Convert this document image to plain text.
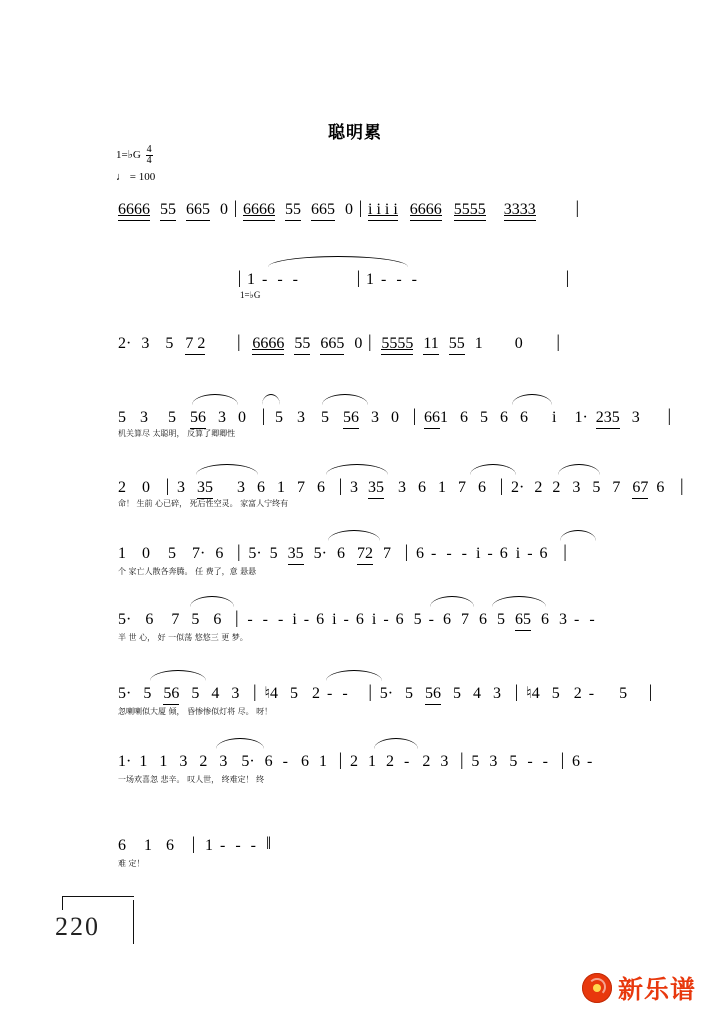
聪明累
1=♭G $\frac{4}{4}$
♩ = 100
6666 55 665 0 | 6666 55 665 0 | i i i i 6666 5555 3333 |
| 1 - - -	| 1 - - -	|
1=♭G
2· 3 5 7 2 | 6666 55 665 0 | 5555 11 55 1 0 |
5 3 5 56 3 0 | 5 3 5 56 3 0 | 661 6 5 6 6 i 1· 235 3 |
机关算尽 太聪明， 反算了卿卿性
2 0 | 3 35 3 6 1 7 6 | 3 35 3 6 1 7 6 | 2· 2 2 3 5 7 67 6 |
命！ 生前 心已碎， 死后性空灵。 家富人宁终有
1 0 5 7· 6 | 5· 5 35 5· 6 72 7 | 6 - - - i - 6 i - 6 |
个 家亡人散各奔腾。 任 费了，意 悬悬
5· 6 7 5 6 | - - - i - 6 i - 6 i - 6 5 - 6 7 6 5 65 6 3 - -
半 世 心， 好 一似荡 悠悠三 更 梦。
5· 5 56 5 4 3 | ♮4 5 2 - - | 5· 5 56 5 4 3 | ♮4 5 2 - 5 |
忽喇喇似大厦 倾， 昏惨惨似灯将 尽。 呀！
1· 1 1 3 2 3 5· 6 - 6 1 | 2 1 2 - 2 3 | 5 3 5 - - | 6 -
一场欢喜忽 悲辛。 叹人世， 终难定！ 终
6 1 6 | 1 - - - ‖
难 定！
220
新乐谱
